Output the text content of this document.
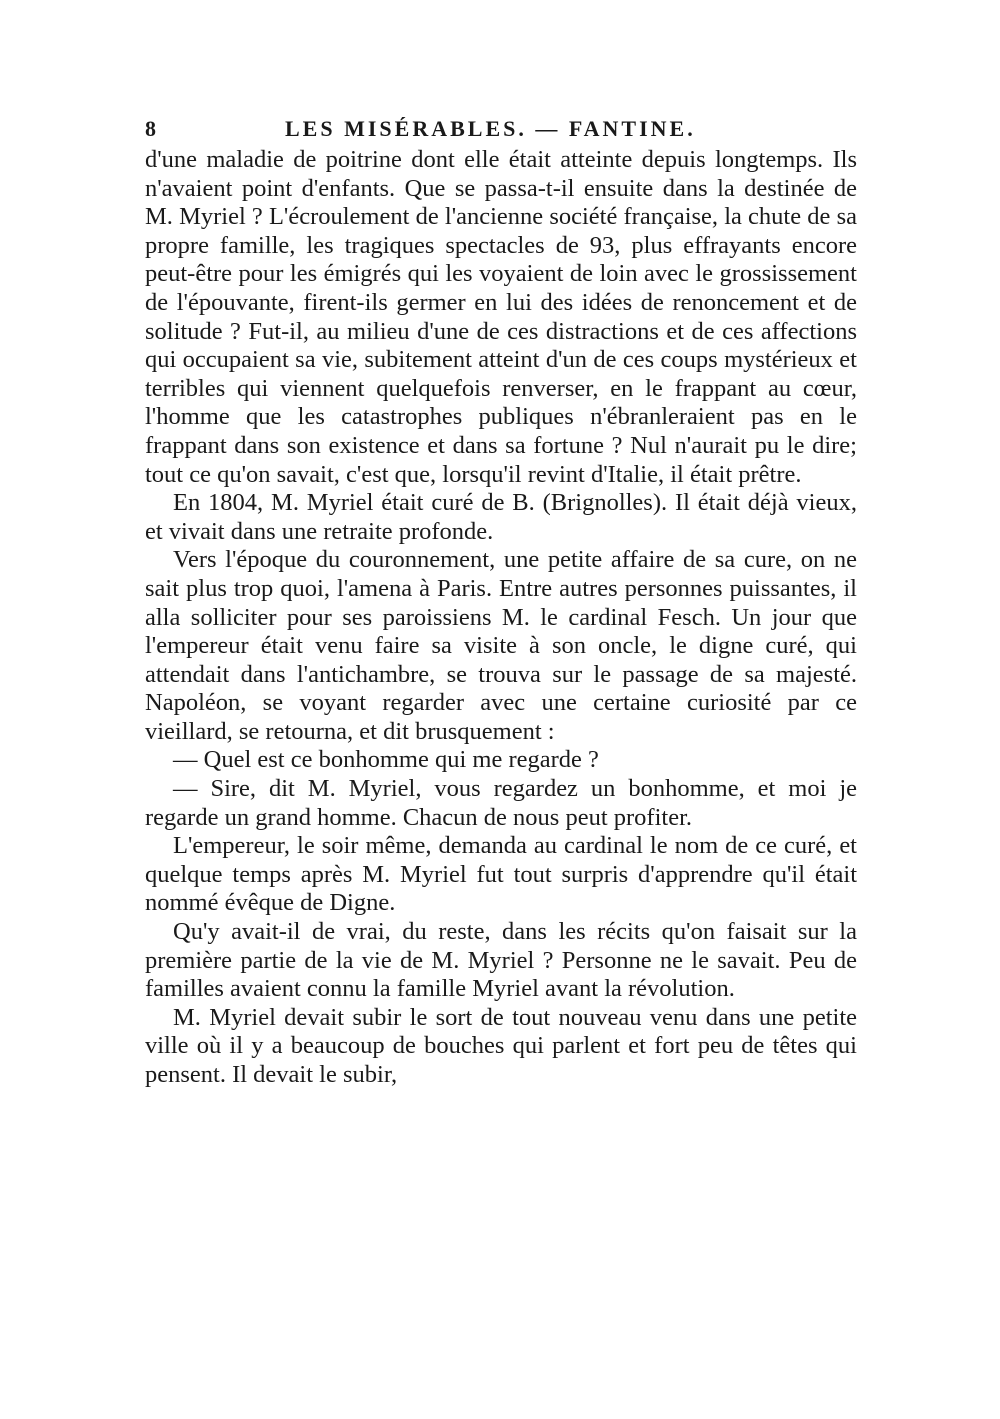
8	LES MISÉRABLES. — FANTINE.

d'une maladie de poitrine dont elle était atteinte depuis longtemps. Ils n'avaient point d'enfants. Que se passa-t-il ensuite dans la destinée de M. Myriel ? L'écroulement de l'ancienne société française, la chute de sa propre famille, les tragiques spectacles de 93, plus effrayants encore peut-être pour les émigrés qui les voyaient de loin avec le grossissement de l'épouvante, firent-ils germer en lui des idées de renoncement et de solitude ? Fut-il, au milieu d'une de ces distractions et de ces affections qui occupaient sa vie, subitement atteint d'un de ces coups mystérieux et terribles qui viennent quelquefois renverser, en le frappant au cœur, l'homme que les catastrophes publiques n'ébranleraient pas en le frappant dans son existence et dans sa fortune ? Nul n'aurait pu le dire; tout ce qu'on savait, c'est que, lorsqu'il revint d'Italie, il était prêtre.

En 1804, M. Myriel était curé de B. (Brignolles). Il était déjà vieux, et vivait dans une retraite profonde.

Vers l'époque du couronnement, une petite affaire de sa cure, on ne sait plus trop quoi, l'amena à Paris. Entre autres personnes puissantes, il alla solliciter pour ses paroissiens M. le cardinal Fesch. Un jour que l'empereur était venu faire sa visite à son oncle, le digne curé, qui attendait dans l'antichambre, se trouva sur le passage de sa majesté. Napoléon, se voyant regarder avec une certaine curiosité par ce vieillard, se retourna, et dit brusquement :

— Quel est ce bonhomme qui me regarde ?

— Sire, dit M. Myriel, vous regardez un bonhomme, et moi je regarde un grand homme. Chacun de nous peut profiter.

L'empereur, le soir même, demanda au cardinal le nom de ce curé, et quelque temps après M. Myriel fut tout surpris d'apprendre qu'il était nommé évêque de Digne.

Qu'y avait-il de vrai, du reste, dans les récits qu'on faisait sur la première partie de la vie de M. Myriel ? Personne ne le savait. Peu de familles avaient connu la famille Myriel avant la révolution.

M. Myriel devait subir le sort de tout nouveau venu dans une petite ville où il y a beaucoup de bouches qui parlent et fort peu de têtes qui pensent. Il devait le subir,
